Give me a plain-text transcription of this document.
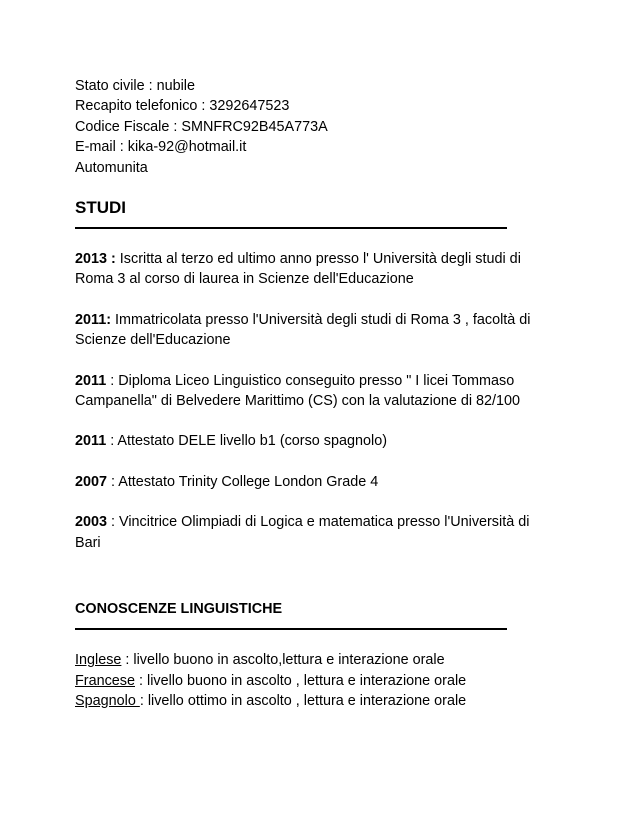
Stato civile : nubile
Recapito telefonico : 3292647523
Codice Fiscale : SMNFRC92B45A773A
E-mail : kika-92@hotmail.it
Automunita
STUDI
2013 : Iscritta al terzo ed ultimo anno presso l' Università degli studi di
Roma 3 al corso di laurea in Scienze dell'Educazione
2011: Immatricolata presso l'Università degli studi di Roma 3 , facoltà di
Scienze dell'Educazione
2011 : Diploma Liceo Linguistico conseguito presso " I licei Tommaso
Campanella" di Belvedere Marittimo (CS) con la valutazione di 82/100
2011 : Attestato DELE livello b1 (corso spagnolo)
2007 : Attestato Trinity College London Grade 4
2003 : Vincitrice Olimpiadi di Logica e matematica presso l'Università di
Bari
CONOSCENZE LINGUISTICHE
Inglese : livello buono in ascolto,lettura e interazione orale
Francese : livello buono in ascolto , lettura e interazione orale
Spagnolo : livello ottimo in ascolto , lettura e interazione orale
